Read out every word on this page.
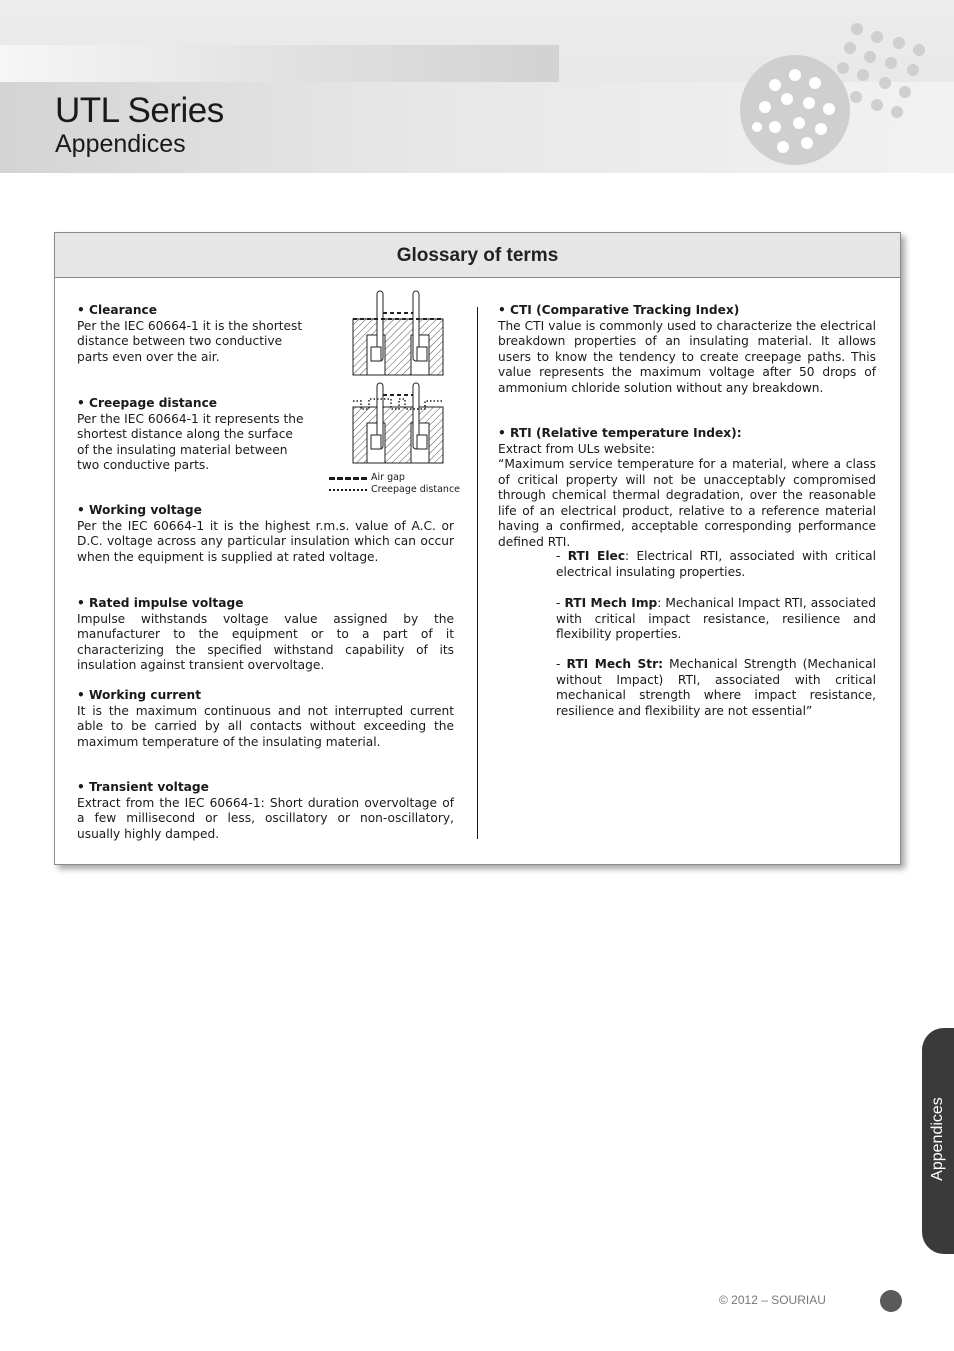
UTL Series
Appendices
Glossary of terms
• Clearance
Per the IEC 60664-1 it is the shortest distance between two conductive parts even over the air.
• Creepage distance
Per the IEC 60664-1 it represents the shortest distance along the surface of the insulating material between two conductive parts.
Air gap
Creepage distance
• Working voltage
Per the IEC 60664-1 it is the highest r.m.s. value of A.C. or D.C. voltage across any particular insulation which can occur when the equipment is supplied at rated voltage.
• Rated impulse voltage
Impulse withstands voltage value assigned by the manufacturer to the equipment or to a part of it characterizing the specified withstand capability of its insulation against transient overvoltage.
• Working current
It is the maximum continuous and not interrupted current able to be carried by all contacts without exceeding the maximum temperature of the insulating material.
• Transient voltage
Extract from the IEC 60664-1: Short duration overvoltage of a few millisecond or less, oscillatory or non-oscillatory, usually highly damped.
• CTI (Comparative Tracking Index)
The CTI value is commonly used to characterize the electrical breakdown properties of an insulating material. It allows users to know the tendency to create creepage paths. This value represents the maximum voltage after 50 drops of ammonium chloride solution without any breakdown.
• RTI (Relative temperature Index):
Extract from ULs website:
“Maximum service temperature for a material, where a class of critical property will not be unacceptably compromised through chemical thermal degradation, over the reasonable life of an electrical product, relative to a reference material having a confirmed, acceptable corresponding performance defined RTI.
- RTI Elec: Electrical RTI, associated with critical electrical insulating properties.
- RTI Mech Imp: Mechanical Impact RTI, associated with critical impact resistance, resilience and flexibility properties.
- RTI Mech Str: Mechanical Strength (Mechanical without Impact) RTI, associated with critical mechanical strength where impact resistance, resilience and flexibility are not essential”
Appendices
© 2012 – SOURIAU
